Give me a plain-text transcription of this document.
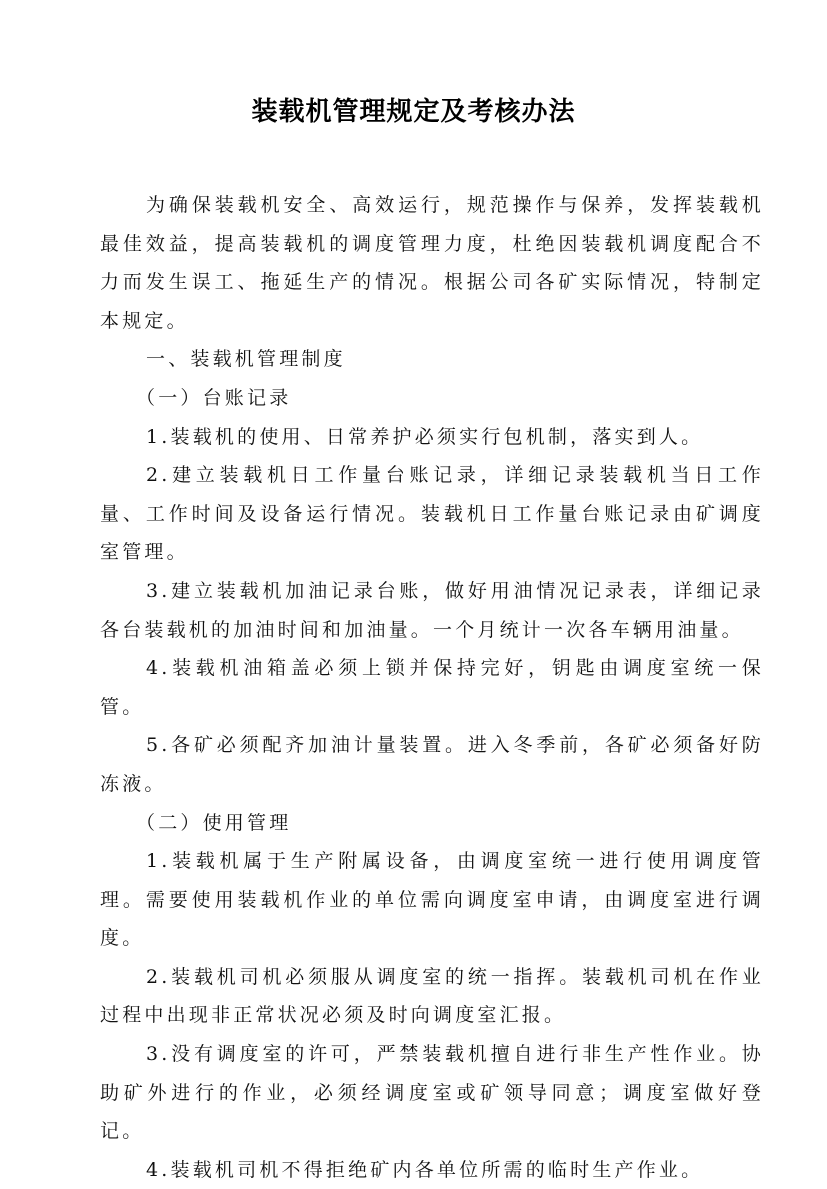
装载机管理规定及考核办法

为确保装载机安全、高效运行，规范操作与保养，发挥装载机最佳效益，提高装载机的调度管理力度，杜绝因装载机调度配合不力而发生误工、拖延生产的情况。根据公司各矿实际情况，特制定本规定。

一、装载机管理制度

（一）台账记录

1.装载机的使用、日常养护必须实行包机制，落实到人。

2.建立装载机日工作量台账记录，详细记录装载机当日工作量、工作时间及设备运行情况。装载机日工作量台账记录由矿调度室管理。

3.建立装载机加油记录台账，做好用油情况记录表，详细记录各台装载机的加油时间和加油量。一个月统计一次各车辆用油量。

4.装载机油箱盖必须上锁并保持完好，钥匙由调度室统一保管。

5.各矿必须配齐加油计量装置。进入冬季前，各矿必须备好防冻液。

（二）使用管理

1.装载机属于生产附属设备，由调度室统一进行使用调度管理。需要使用装载机作业的单位需向调度室申请，由调度室进行调度。

2.装载机司机必须服从调度室的统一指挥。装载机司机在作业过程中出现非正常状况必须及时向调度室汇报。

3.没有调度室的许可，严禁装载机擅自进行非生产性作业。协助矿外进行的作业，必须经调度室或矿领导同意；调度室做好登记。

4.装载机司机不得拒绝矿内各单位所需的临时生产作业。
